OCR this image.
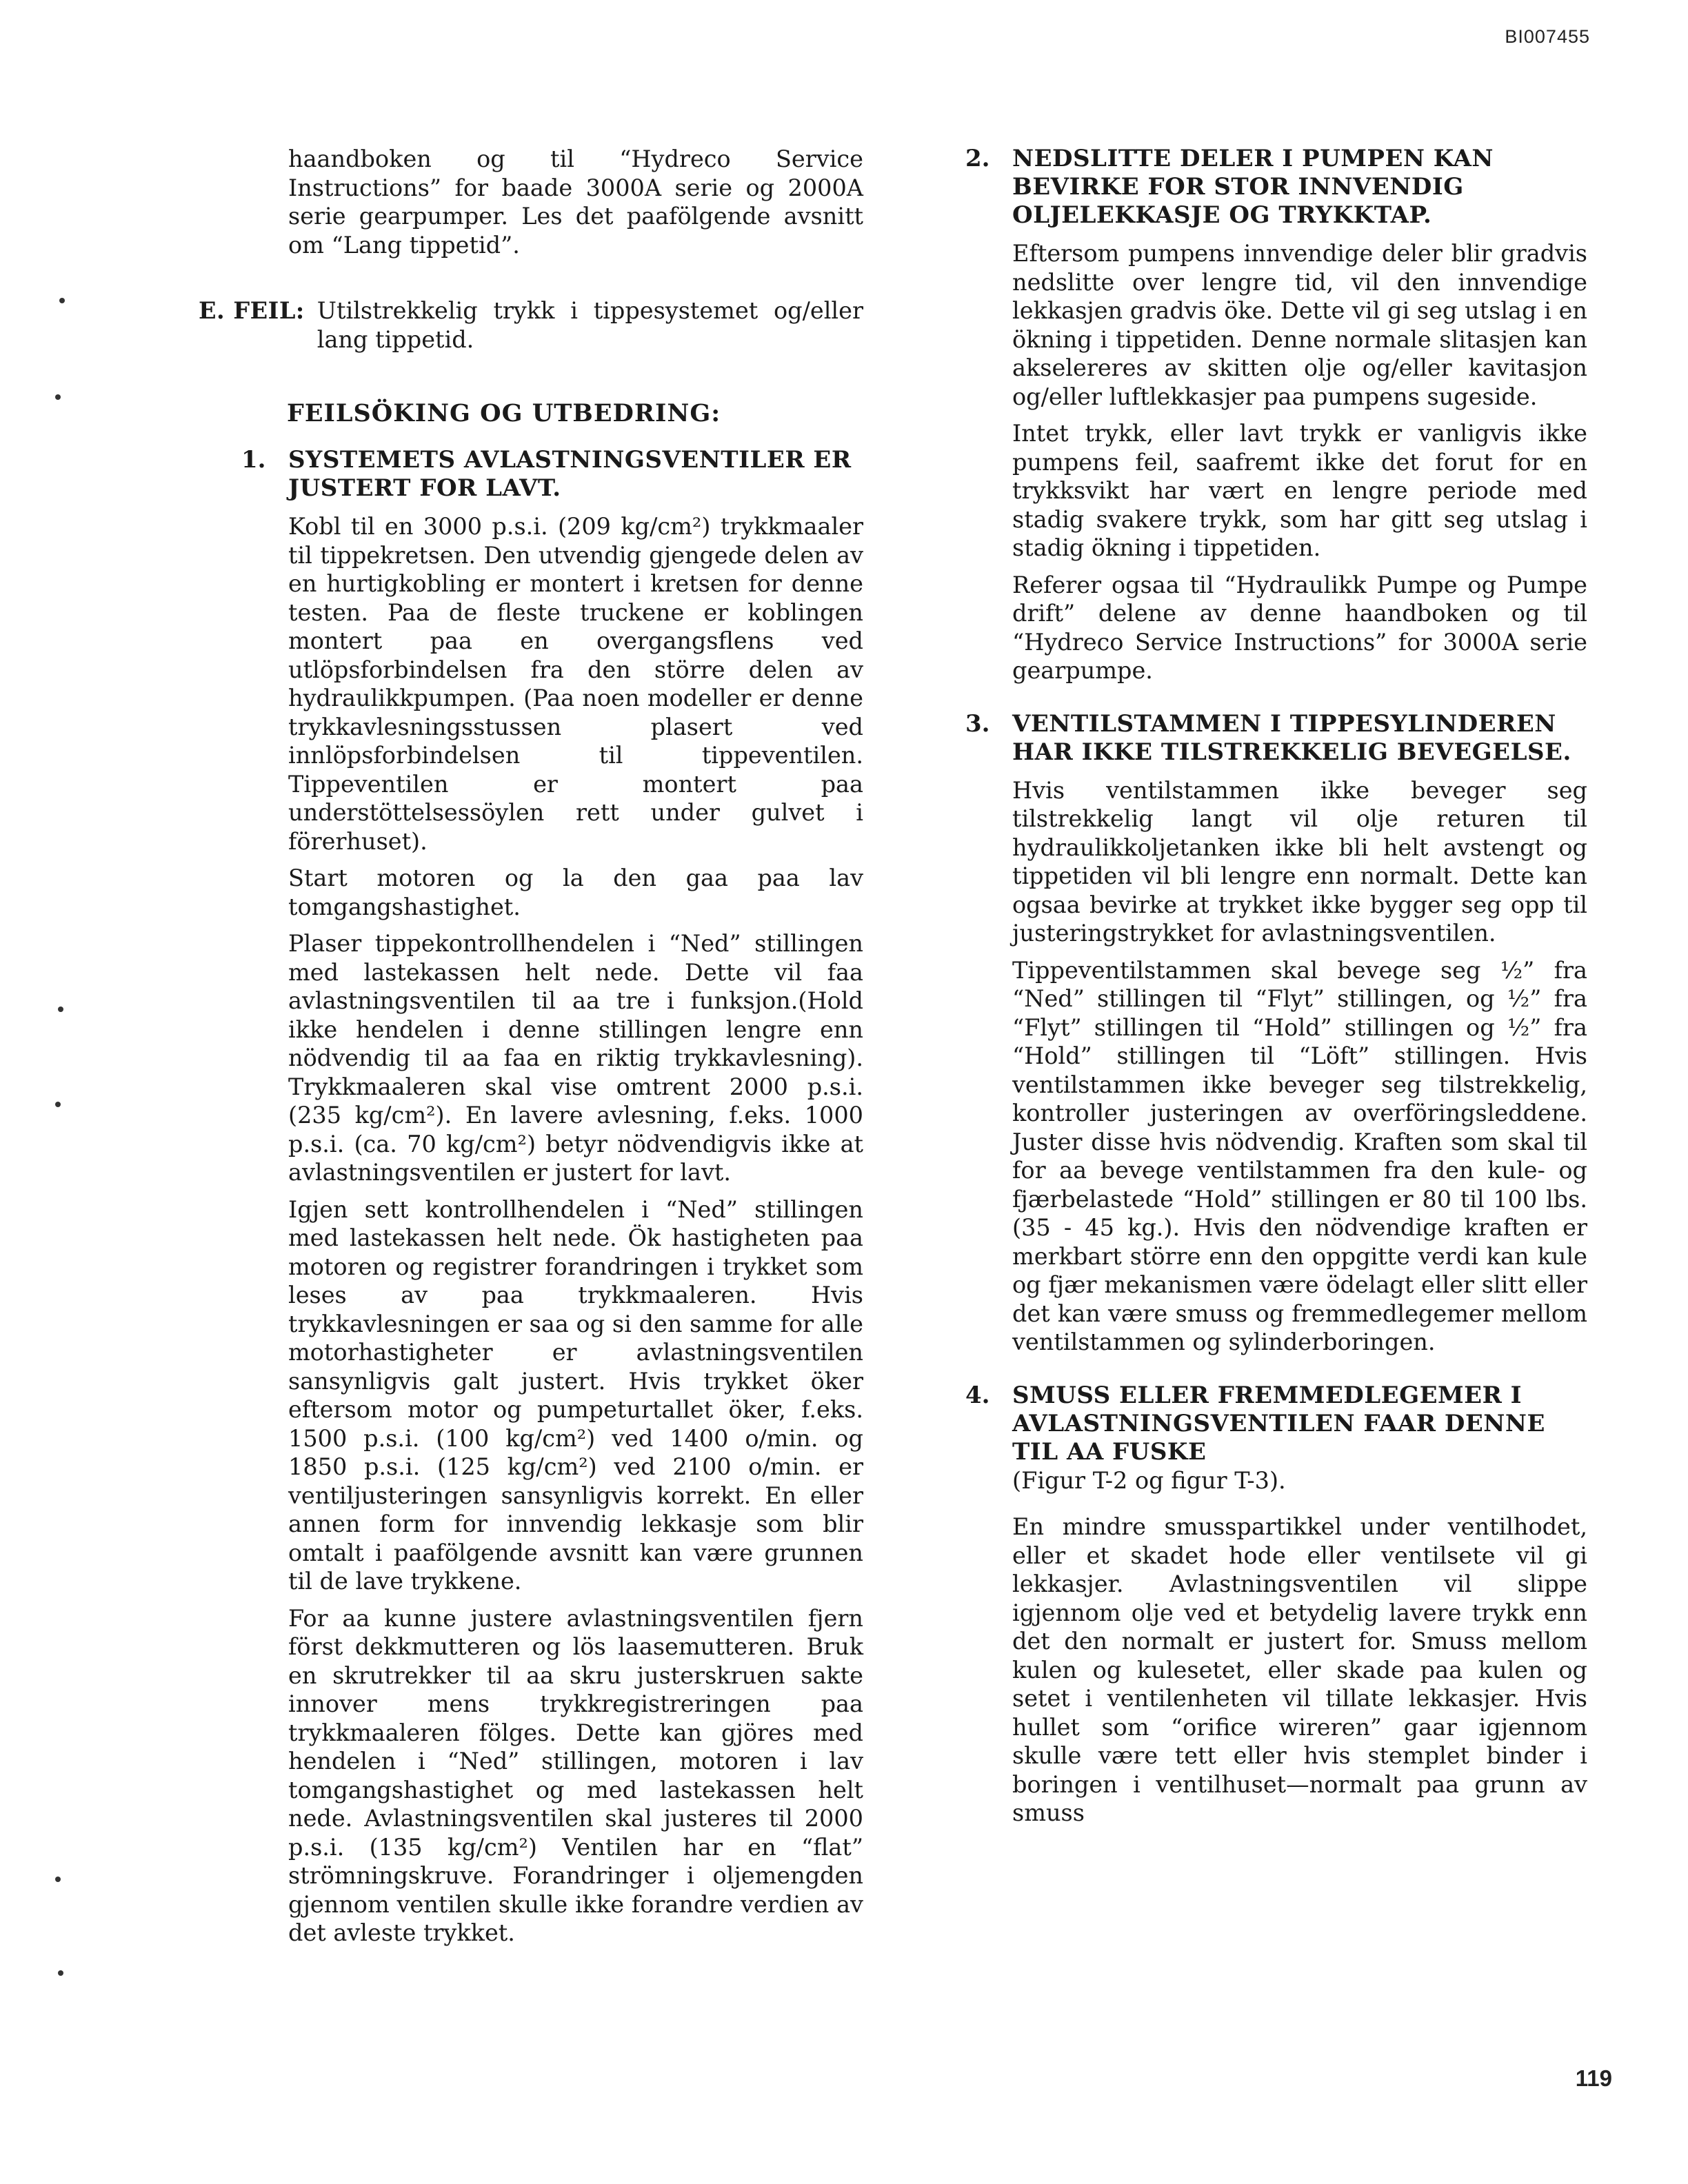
BI007455

haandboken og til “Hydreco Service Instructions” for baade 3000A serie og 2000A serie gearpumper. Les det paafölgende avsnitt om “Lang tippetid”.

E. FEIL: Utilstrekkelig trykk i tippesystemet og/eller lang tippetid.
FEILSÖKING OG UTBEDRING:
1. SYSTEMETS AVLASTNINGSVENTILER ER JUSTERT FOR LAVT.

Kobl til en 3000 p.s.i. (209 kg/cm²) trykkmaaler til tippekretsen. Den utvendig gjengede delen av en hurtigkobling er montert i kretsen for denne testen. Paa de fleste truckene er koblingen montert paa en overgangsflens ved utlöpsforbindelsen fra den större delen av hydraulikkpumpen. (Paa noen modeller er denne trykkavlesningsstussen plasert ved innlöpsforbindelsen til tippeventilen. Tippeventilen er montert paa understöttelsessöylen rett under gulvet i förerhuset).

Start motoren og la den gaa paa lav tomgangshastighet.

Plaser tippekontrollhendelen i “Ned” stillingen med lastekassen helt nede. Dette vil faa avlastningsventilen til aa tre i funksjon.(Hold ikke hendelen i denne stillingen lengre enn nödvendig til aa faa en riktig trykkavlesning). Trykkmaaleren skal vise omtrent 2000 p.s.i. (235 kg/cm²). En lavere avlesning, f.eks. 1000 p.s.i. (ca. 70 kg/cm²) betyr nödvendigvis ikke at avlastningsventilen er justert for lavt.

Igjen sett kontrollhendelen i “Ned” stillingen med lastekassen helt nede. Ök hastigheten paa motoren og registrer forandringen i trykket som leses av paa trykkmaaleren. Hvis trykkavlesningen er saa og si den samme for alle motorhastigheter er avlastningsventilen sansynligvis galt justert. Hvis trykket öker eftersom motor og pumpeturtallet öker, f.eks. 1500 p.s.i. (100 kg/cm²) ved 1400 o/min. og 1850 p.s.i. (125 kg/cm²) ved 2100 o/min. er ventiljusteringen sansynligvis korrekt. En eller annen form for innvendig lekkasje som blir omtalt i paafölgende avsnitt kan være grunnen til de lave trykkene.

For aa kunne justere avlastningsventilen fjern först dekkmutteren og lös laasemutteren. Bruk en skrutrekker til aa skru justerskruen sakte innover mens trykkregistreringen paa trykkmaaleren fölges. Dette kan gjöres med hendelen i “Ned” stillingen, motoren i lav tomgangshastighet og med lastekassen helt nede. Avlastningsventilen skal justeres til 2000 p.s.i. (135 kg/cm²) Ventilen har en “flat” strömningskruve. Forandringer i oljemengden gjennom ventilen skulle ikke forandre verdien av det avleste trykket.

2. NEDSLITTE DELER I PUMPEN KAN BEVIRKE FOR STOR INNVENDIG OLJELEKKASJE OG TRYKKTAP.

Eftersom pumpens innvendige deler blir gradvis nedslitte over lengre tid, vil den innvendige lekkasjen gradvis öke. Dette vil gi seg utslag i en ökning i tippetiden. Denne normale slitasjen kan akselereres av skitten olje og/eller kavitasjon og/eller luftlekkasjer paa pumpens sugeside.

Intet trykk, eller lavt trykk er vanligvis ikke pumpens feil, saafremt ikke det forut for en trykksvikt har vært en lengre periode med stadig svakere trykk, som har gitt seg utslag i stadig ökning i tippetiden.

Referer ogsaa til “Hydraulikk Pumpe og Pumpe drift” delene av denne haandboken og til “Hydreco Service Instructions” for 3000A serie gearpumpe.

3. VENTILSTAMMEN I TIPPESYLINDEREN HAR IKKE TILSTREKKELIG BEVEGELSE.

Hvis ventilstammen ikke beveger seg tilstrekkelig langt vil olje returen til hydraulikkoljetanken ikke bli helt avstengt og tippetiden vil bli lengre enn normalt. Dette kan ogsaa bevirke at trykket ikke bygger seg opp til justeringstrykket for avlastningsventilen.

Tippeventilstammen skal bevege seg ½” fra “Ned” stillingen til “Flyt” stillingen, og ½” fra “Flyt” stillingen til “Hold” stillingen og ½” fra “Hold” stillingen til “Löft” stillingen. Hvis ventilstammen ikke beveger seg tilstrekkelig, kontroller justeringen av overföringsleddene. Juster disse hvis nödvendig. Kraften som skal til for aa bevege ventilstammen fra den kule- og fjærbelastede “Hold” stillingen er 80 til 100 lbs. (35 - 45 kg.). Hvis den nödvendige kraften er merkbart större enn den oppgitte verdi kan kule og fjær mekanismen være ödelagt eller slitt eller det kan være smuss og fremmedlegemer mellom ventilstammen og sylinderboringen.

4. SMUSS ELLER FREMMEDLEGEMER I AVLASTNINGSVENTILEN FAAR DENNE TIL AA FUSKE

(Figur T-2 og figur T-3).

En mindre smusspartikkel under ventilhodet, eller et skadet hode eller ventilsete vil gi lekkasjer. Avlastningsventilen vil slippe igjennom olje ved et betydelig lavere trykk enn det den normalt er justert for. Smuss mellom kulen og kulesetet, eller skade paa kulen og setet i ventilenheten vil tillate lekkasjer. Hvis hullet som “orifice wireren” gaar igjennom skulle være tett eller hvis stemplet binder i boringen i ventilhuset—normalt paa grunn av smuss

119
